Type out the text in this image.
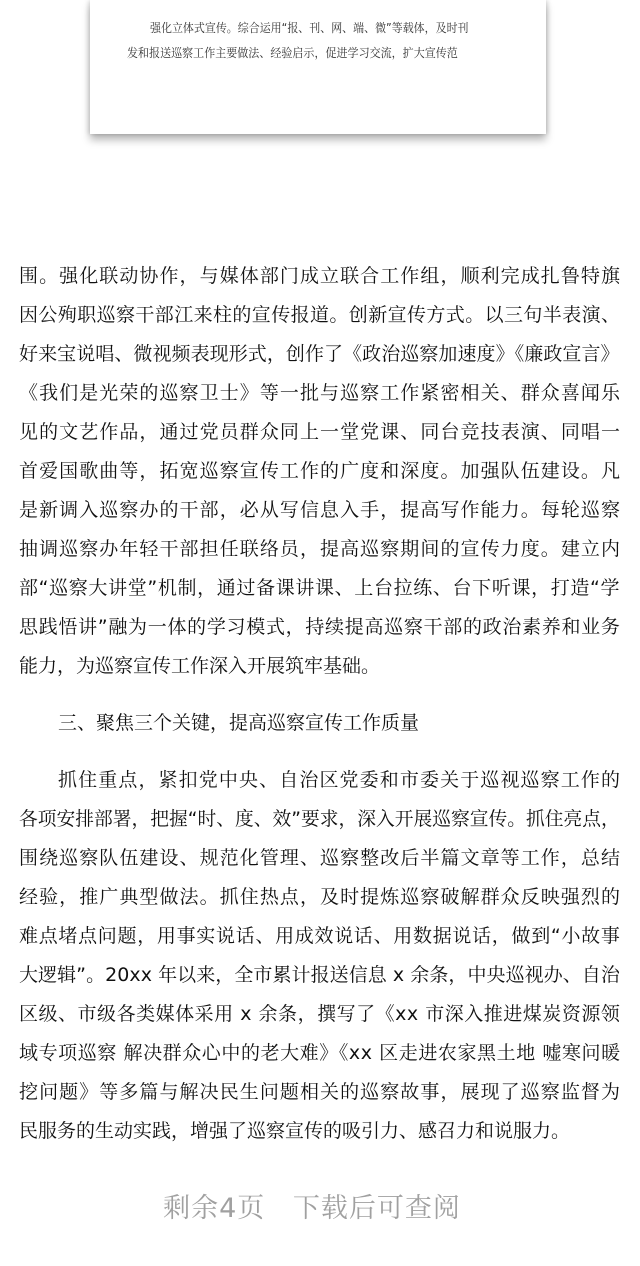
强化立体式宣传。综合运用“报、刊、网、端、微”等载体，及时刊
发和报送巡察工作主要做法、经验启示，促进学习交流，扩大宣传范
围。强化联动协作，与媒体部门成立联合工作组，顺利完成扎鲁特旗
因公殉职巡察干部江来柱的宣传报道。创新宣传方式。以三句半表演、
好来宝说唱、微视频表现形式，创作了《政治巡察加速度》《廉政宣言》
《我们是光荣的巡察卫士》等一批与巡察工作紧密相关、群众喜闻乐
见的文艺作品，通过党员群众同上一堂党课、同台竞技表演、同唱一
首爱国歌曲等，拓宽巡察宣传工作的广度和深度。加强队伍建设。凡
是新调入巡察办的干部，必从写信息入手，提高写作能力。每轮巡察
抽调巡察办年轻干部担任联络员，提高巡察期间的宣传力度。建立内
部“巡察大讲堂”机制，通过备课讲课、上台拉练、台下听课，打造“学
思践悟讲”融为一体的学习模式，持续提高巡察干部的政治素养和业务
能力，为巡察宣传工作深入开展筑牢基础。
三、聚焦三个关键，提高巡察宣传工作质量
抓住重点，紧扣党中央、自治区党委和市委关于巡视巡察工作的
各项安排部署，把握“时、度、效”要求，深入开展巡察宣传。抓住亮点，
围绕巡察队伍建设、规范化管理、巡察整改后半篇文章等工作，总结
经验，推广典型做法。抓住热点，及时提炼巡察破解群众反映强烈的
难点堵点问题，用事实说话、用成效说话、用数据说话，做到“小故事
大逻辑”。20xx 年以来，全市累计报送信息 x 余条，中央巡视办、自治
区级、市级各类媒体采用 x 余条，撰写了《xx 市深入推进煤炭资源领
域专项巡察 解决群众心中的老大难》《xx 区走进农家黑土地 嘘寒问暖
挖问题》等多篇与解决民生问题相关的巡察故事，展现了巡察监督为
民服务的生动实践，增强了巡察宣传的吸引力、感召力和说服力。
剩余4页 下载后可查阅
